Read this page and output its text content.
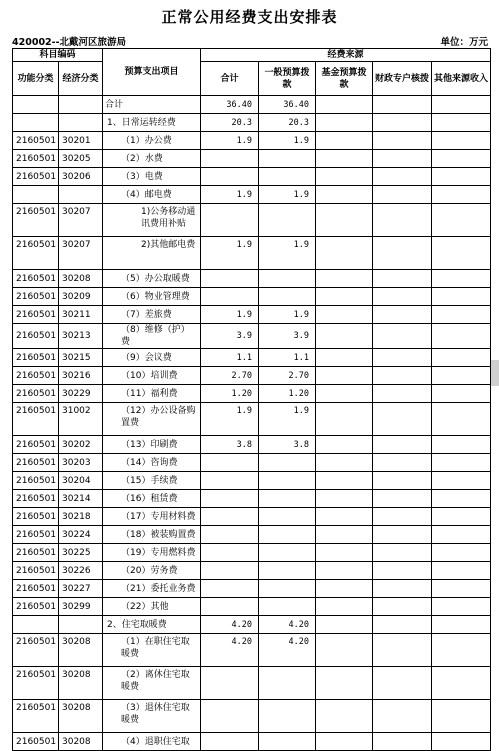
正常公用经费支出安排表
420002--北戴河区旅游局	单位：万元
科目编码		预算支出项目	经费来源				
功能分类	经济分类		合计	一般预算拨款	基金预算拨款	财政专户核拨	其他来源收入
		合计	36.40	36.40			
		1、日常运转经费	20.3	20.3			
2160501	30201	（1）办公费	1.9	1.9			
2160501	30205	（2）水费					
2160501	30206	（3）电费					
		（4）邮电费	1.9	1.9			
2160501	30207	1)公务移动通讯费用补贴					
2160501	30207	2)其他邮电费	1.9	1.9			
2160501	30208	（5）办公取暖费					
2160501	30209	（6）物业管理费					
2160501	30211	（7）差旅费	1.9	1.9			
2160501	30213	（8）维修（护）费	3.9	3.9			
2160501	30215	（9）会议费	1.1	1.1			
2160501	30216	（10）培训费	2.70	2.70			
2160501	30229	（11）福利费	1.20	1.20			
2160501	31002	（12）办公设备购置费	1.9	1.9			
2160501	30202	（13）印刷费	3.8	3.8			
2160501	30203	（14）咨询费					
2160501	30204	（15）手续费					
2160501	30214	（16）租赁费					
2160501	30218	（17）专用材料费					
2160501	30224	（18）被装购置费					
2160501	30225	（19）专用燃料费					
2160501	30226	（20）劳务费					
2160501	30227	（21）委托业务费					
2160501	30299	（22）其他					
		2、住宅取暖费	4.20	4.20			
2160501	30208	（1）在职住宅取暖费	4.20	4.20			
2160501	30208	（2）离休住宅取暖费					
2160501	30208	（3）退休住宅取暖费					
2160501	30208	（4）退职住宅取					
